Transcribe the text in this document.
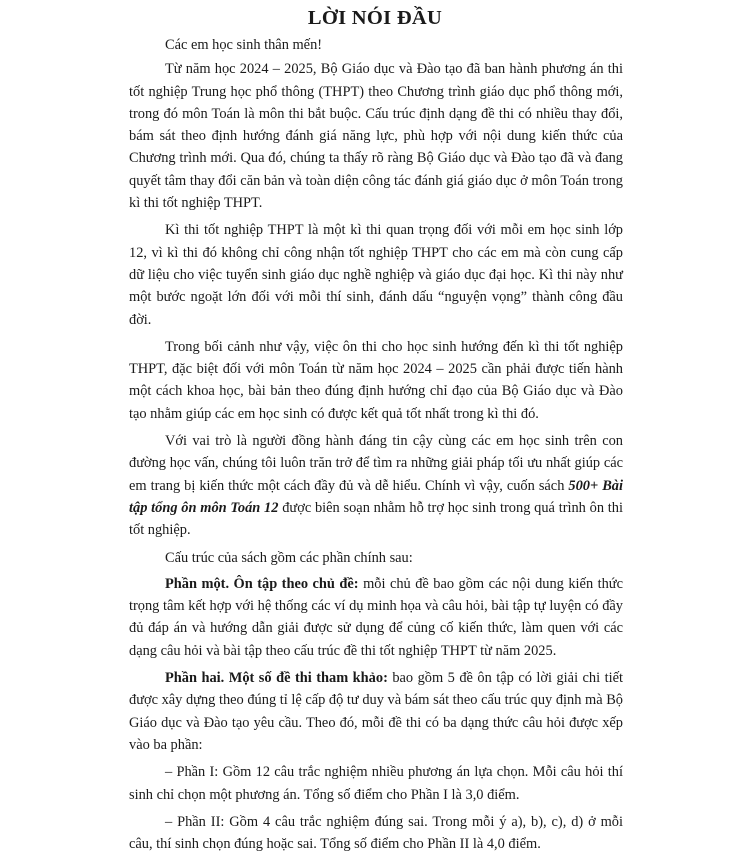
LỜI NÓI ĐẦU

Các em học sinh thân mến!

Từ năm học 2024 – 2025, Bộ Giáo dục và Đào tạo đã ban hành phương án thi tốt nghiệp Trung học phổ thông (THPT) theo Chương trình giáo dục phổ thông mới, trong đó môn Toán là môn thi bắt buộc. Cấu trúc định dạng đề thi có nhiều thay đổi, bám sát theo định hướng đánh giá năng lực, phù hợp với nội dung kiến thức của Chương trình mới. Qua đó, chúng ta thấy rõ ràng Bộ Giáo dục và Đào tạo đã và đang quyết tâm thay đổi căn bản và toàn diện công tác đánh giá giáo dục ở môn Toán trong kì thi tốt nghiệp THPT.

Kì thi tốt nghiệp THPT là một kì thi quan trọng đối với mỗi em học sinh lớp 12, vì kì thi đó không chỉ công nhận tốt nghiệp THPT cho các em mà còn cung cấp dữ liệu cho việc tuyển sinh giáo dục nghề nghiệp và giáo dục đại học. Kì thi này như một bước ngoặt lớn đối với mỗi thí sinh, đánh dấu “nguyện vọng” thành công đầu đời.

Trong bối cảnh như vậy, việc ôn thi cho học sinh hướng đến kì thi tốt nghiệp THPT, đặc biệt đối với môn Toán từ năm học 2024 – 2025 cần phải được tiến hành một cách khoa học, bài bản theo đúng định hướng chỉ đạo của Bộ Giáo dục và Đào tạo nhằm giúp các em học sinh có được kết quả tốt nhất trong kì thi đó.

Với vai trò là người đồng hành đáng tin cậy cùng các em học sinh trên con đường học vấn, chúng tôi luôn trăn trở để tìm ra những giải pháp tối ưu nhất giúp các em trang bị kiến thức một cách đầy đủ và dễ hiểu. Chính vì vậy, cuốn sách 500+ Bài tập tổng ôn môn Toán 12 được biên soạn nhằm hỗ trợ học sinh trong quá trình ôn thi tốt nghiệp.

Cấu trúc của sách gồm các phần chính sau:

Phần một. Ôn tập theo chủ đề: mỗi chủ đề bao gồm các nội dung kiến thức trọng tâm kết hợp với hệ thống các ví dụ minh họa và câu hỏi, bài tập tự luyện có đầy đủ đáp án và hướng dẫn giải được sử dụng để củng cố kiến thức, làm quen với các dạng câu hỏi và bài tập theo cấu trúc đề thi tốt nghiệp THPT từ năm 2025.

Phần hai. Một số đề thi tham khảo: bao gồm 5 đề ôn tập có lời giải chi tiết được xây dựng theo đúng tỉ lệ cấp độ tư duy và bám sát theo cấu trúc quy định mà Bộ Giáo dục và Đào tạo yêu cầu. Theo đó, mỗi đề thi có ba dạng thức câu hỏi được xếp vào ba phần:

– Phần I: Gồm 12 câu trắc nghiệm nhiều phương án lựa chọn. Mỗi câu hỏi thí sinh chỉ chọn một phương án. Tổng số điểm cho Phần I là 3,0 điểm.

– Phần II: Gồm 4 câu trắc nghiệm đúng sai. Trong mỗi ý a), b), c), d) ở mỗi câu, thí sinh chọn đúng hoặc sai. Tổng số điểm cho Phần II là 4,0 điểm.
